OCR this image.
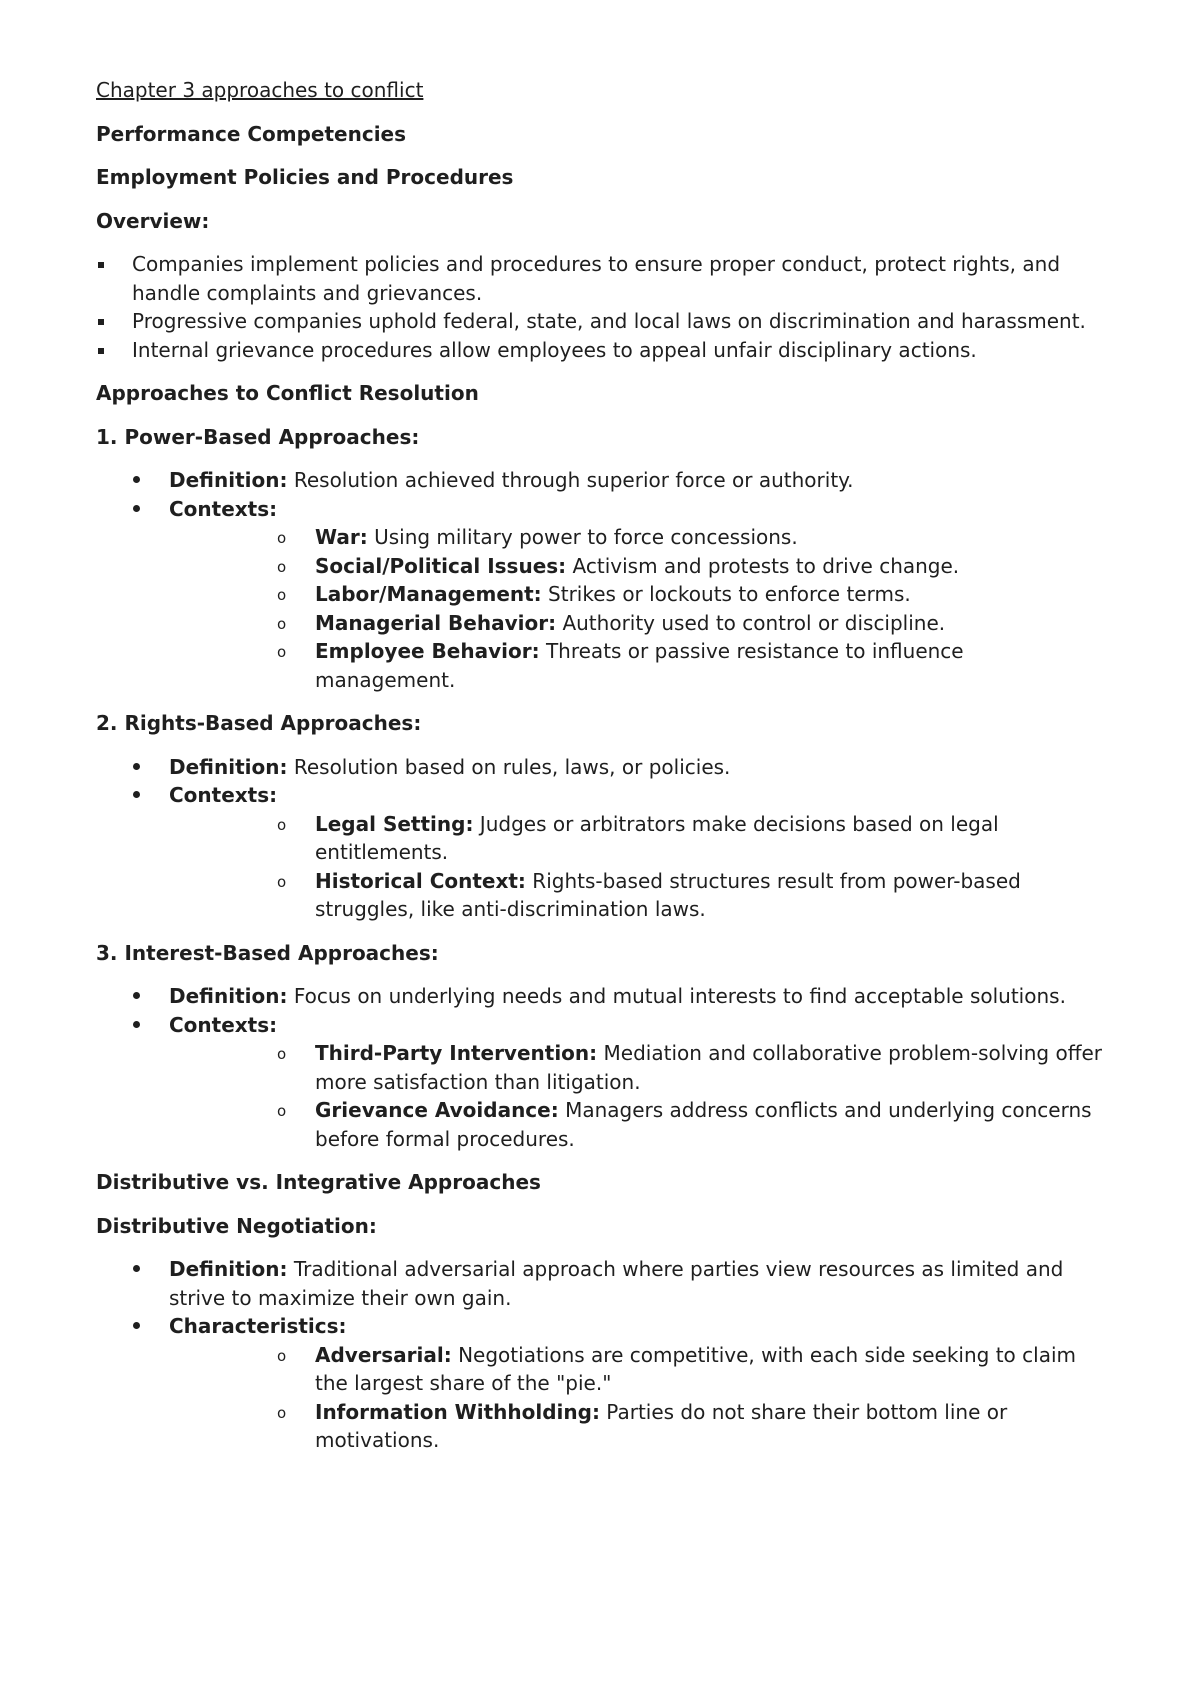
Chapter 3 approaches to conflict

Performance Competencies

Employment Policies and Procedures

Overview:

Companies implement policies and procedures to ensure proper conduct, protect rights, and handle complaints and grievances.
Progressive companies uphold federal, state, and local laws on discrimination and harassment.
Internal grievance procedures allow employees to appeal unfair disciplinary actions.

Approaches to Conflict Resolution

1. Power-Based Approaches:

Definition: Resolution achieved through superior force or authority.
Contexts:
o War: Using military power to force concessions.
o Social/Political Issues: Activism and protests to drive change.
o Labor/Management: Strikes or lockouts to enforce terms.
o Managerial Behavior: Authority used to control or discipline.
o Employee Behavior: Threats or passive resistance to influence management.

2. Rights-Based Approaches:

Definition: Resolution based on rules, laws, or policies.
Contexts:
o Legal Setting: Judges or arbitrators make decisions based on legal entitlements.
o Historical Context: Rights-based structures result from power-based struggles, like anti-discrimination laws.

3. Interest-Based Approaches:

Definition: Focus on underlying needs and mutual interests to find acceptable solutions.
Contexts:
o Third-Party Intervention: Mediation and collaborative problem-solving offer more satisfaction than litigation.
o Grievance Avoidance: Managers address conflicts and underlying concerns before formal procedures.

Distributive vs. Integrative Approaches

Distributive Negotiation:

Definition: Traditional adversarial approach where parties view resources as limited and strive to maximize their own gain.
Characteristics:
o Adversarial: Negotiations are competitive, with each side seeking to claim the largest share of the "pie."
o Information Withholding: Parties do not share their bottom line or motivations.
